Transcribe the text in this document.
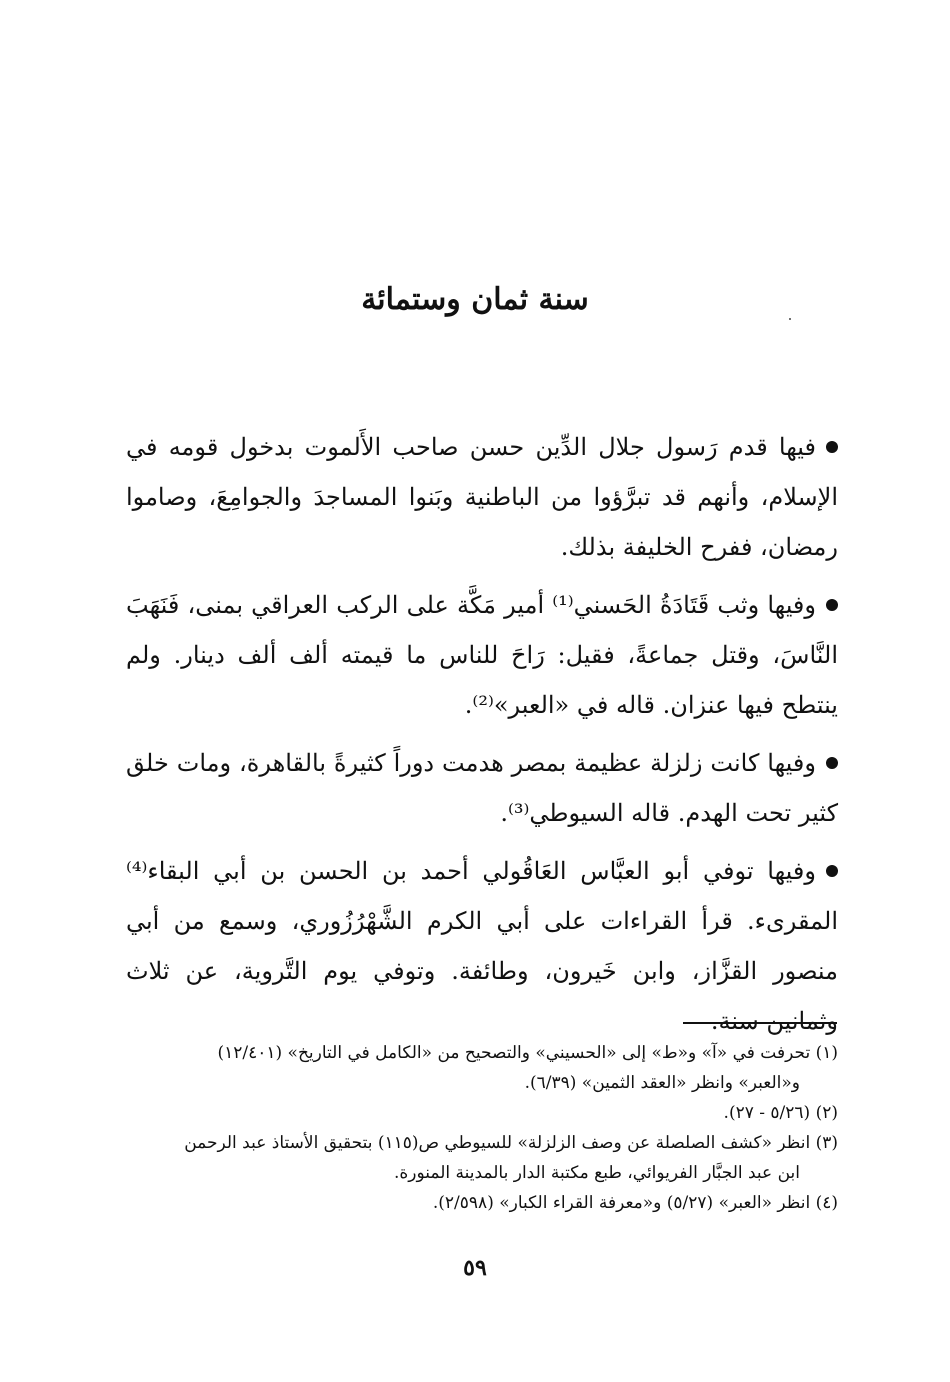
سنة ثمان وستمائة

فيها قدم رَسول جلال الدِّين حسن صاحب الأَلموت بدخول قومه في الإسلام، وأنهم قد تبرَّؤوا من الباطنية وبَنوا المساجدَ والجوامِعَ، وصاموا رمضان، ففرح الخليفة بذلك.

وفيها وثب قَتَادَةُ الحَسني⁽¹⁾ أمير مَكَّة على الركب العراقي بمنى، فَنَهَبَ النَّاسَ، وقتل جماعةً، فقيل: رَاحَ للناس ما قيمته ألف ألف دينار. ولم ينتطح فيها عنزان. قاله في «العبر»⁽²⁾.

وفيها كانت زلزلة عظيمة بمصر هدمت دوراً كثيرةً بالقاهرة، ومات خلق كثير تحت الهدم. قاله السيوطي⁽³⁾.

وفيها توفي أبو العبَّاس العَاقُولي أحمد بن الحسن بن أبي البقاء⁽⁴⁾ المقرىء. قرأ القراءات على أبي الكرم الشَّهْرُزُوري، وسمع من أبي منصور القزَّاز، وابن خَيرون، وطائفة. وتوفي يوم التَّروية، عن ثلاث وثمانين سنة.

(١) تحرفت في «آ» و«ط» إلى «الحسيني» والتصحيح من «الكامل في التاريخ» (١٢/٤٠١)

و«العبر» وانظر «العقد الثمين» (٦/٣٩).

(٢) (٥/٢٦ - ٢٧).

(٣) انظر «كشف الصلصلة عن وصف الزلزلة» للسيوطي ص(١١٥) بتحقيق الأستاذ عبد الرحمن

ابن عبد الجبَّار الفريوائي، طبع مكتبة الدار بالمدينة المنورة.

(٤) انظر «العبر» (٥/٢٧) و«معرفة القراء الكبار» (٢/٥٩٨).

٥٩
